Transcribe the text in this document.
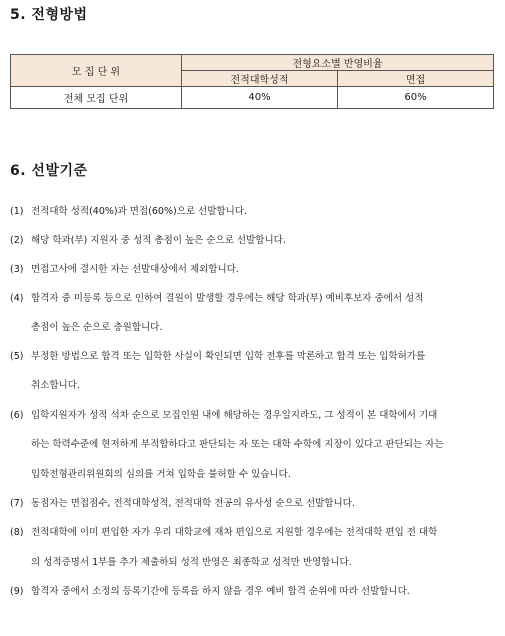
5. 전형방법
모 집 단 위	전형요소별 반영비율	
	전적대학성적	면접
전체 모집 단위	40%	60%
6. 선발기준
(1) 전적대학 성적(40%)과 면접(60%)으로 선발합니다.
(2) 해당 학과(부) 지원자 중 성적 총점이 높은 순으로 선발합니다.
(3) 면접고사에 결시한 자는 선발대상에서 제외합니다.
(4) 합격자 중 미등록 등으로 인하여 결원이 발생할 경우에는 해당 학과(부) 예비후보자 중에서 성적
총점이 높은 순으로 충원합니다.
(5) 부정한 방법으로 합격 또는 입학한 사실이 확인되면 입학 전후를 막론하고 합격 또는 입학허가를
취소합니다.
(6) 입학지원자가 성적 석차 순으로 모집인원 내에 해당하는 경우일지라도, 그 성적이 본 대학에서 기대
하는 학력수준에 현저하게 부적합하다고 판단되는 자 또는 대학 수학에 지장이 있다고 판단되는 자는
입학전형관리위원회의 심의를 거쳐 입학을 불허할 수 있습니다.
(7) 동점자는 면접점수, 전적대학성적, 전적대학 전공의 유사성 순으로 선발합니다.
(8) 전적대학에 이미 편입한 자가 우리 대학교에 재차 편입으로 지원할 경우에는 전적대학 편입 전 대학
의 성적증명서 1부를 추가 제출하되 성적 반영은 최종학교 성적만 반영합니다.
(9) 합격자 중에서 소정의 등록기간에 등록을 하지 않을 경우 예비 합격 순위에 따라 선발합니다.
